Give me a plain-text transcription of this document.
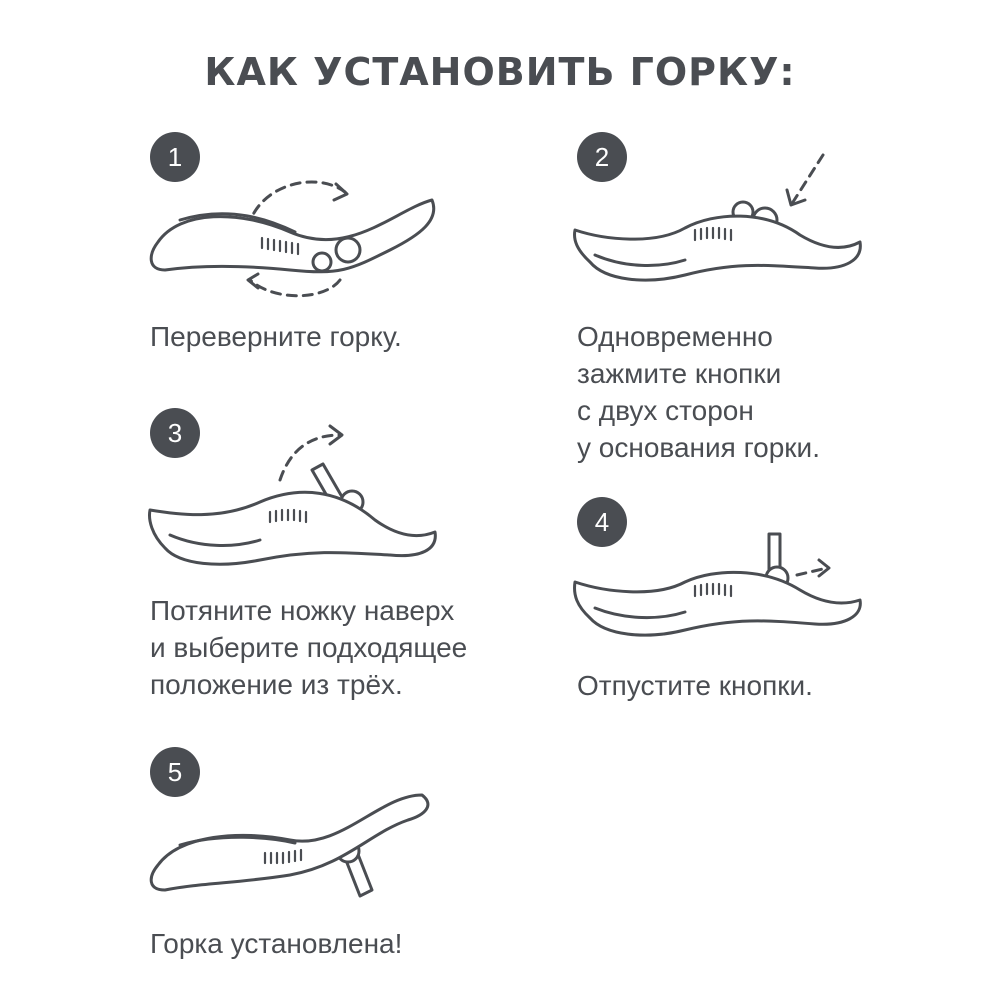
КАК УСТАНОВИТЬ ГОРКУ:
1
Переверните горку.
2
Одновременно
зажмите кнопки
с двух сторон
у основания горки.
3
Потяните ножку наверх
и выберите подходящее
положение из трёх.
4
Отпустите кнопки.
5
Горка установлена!
